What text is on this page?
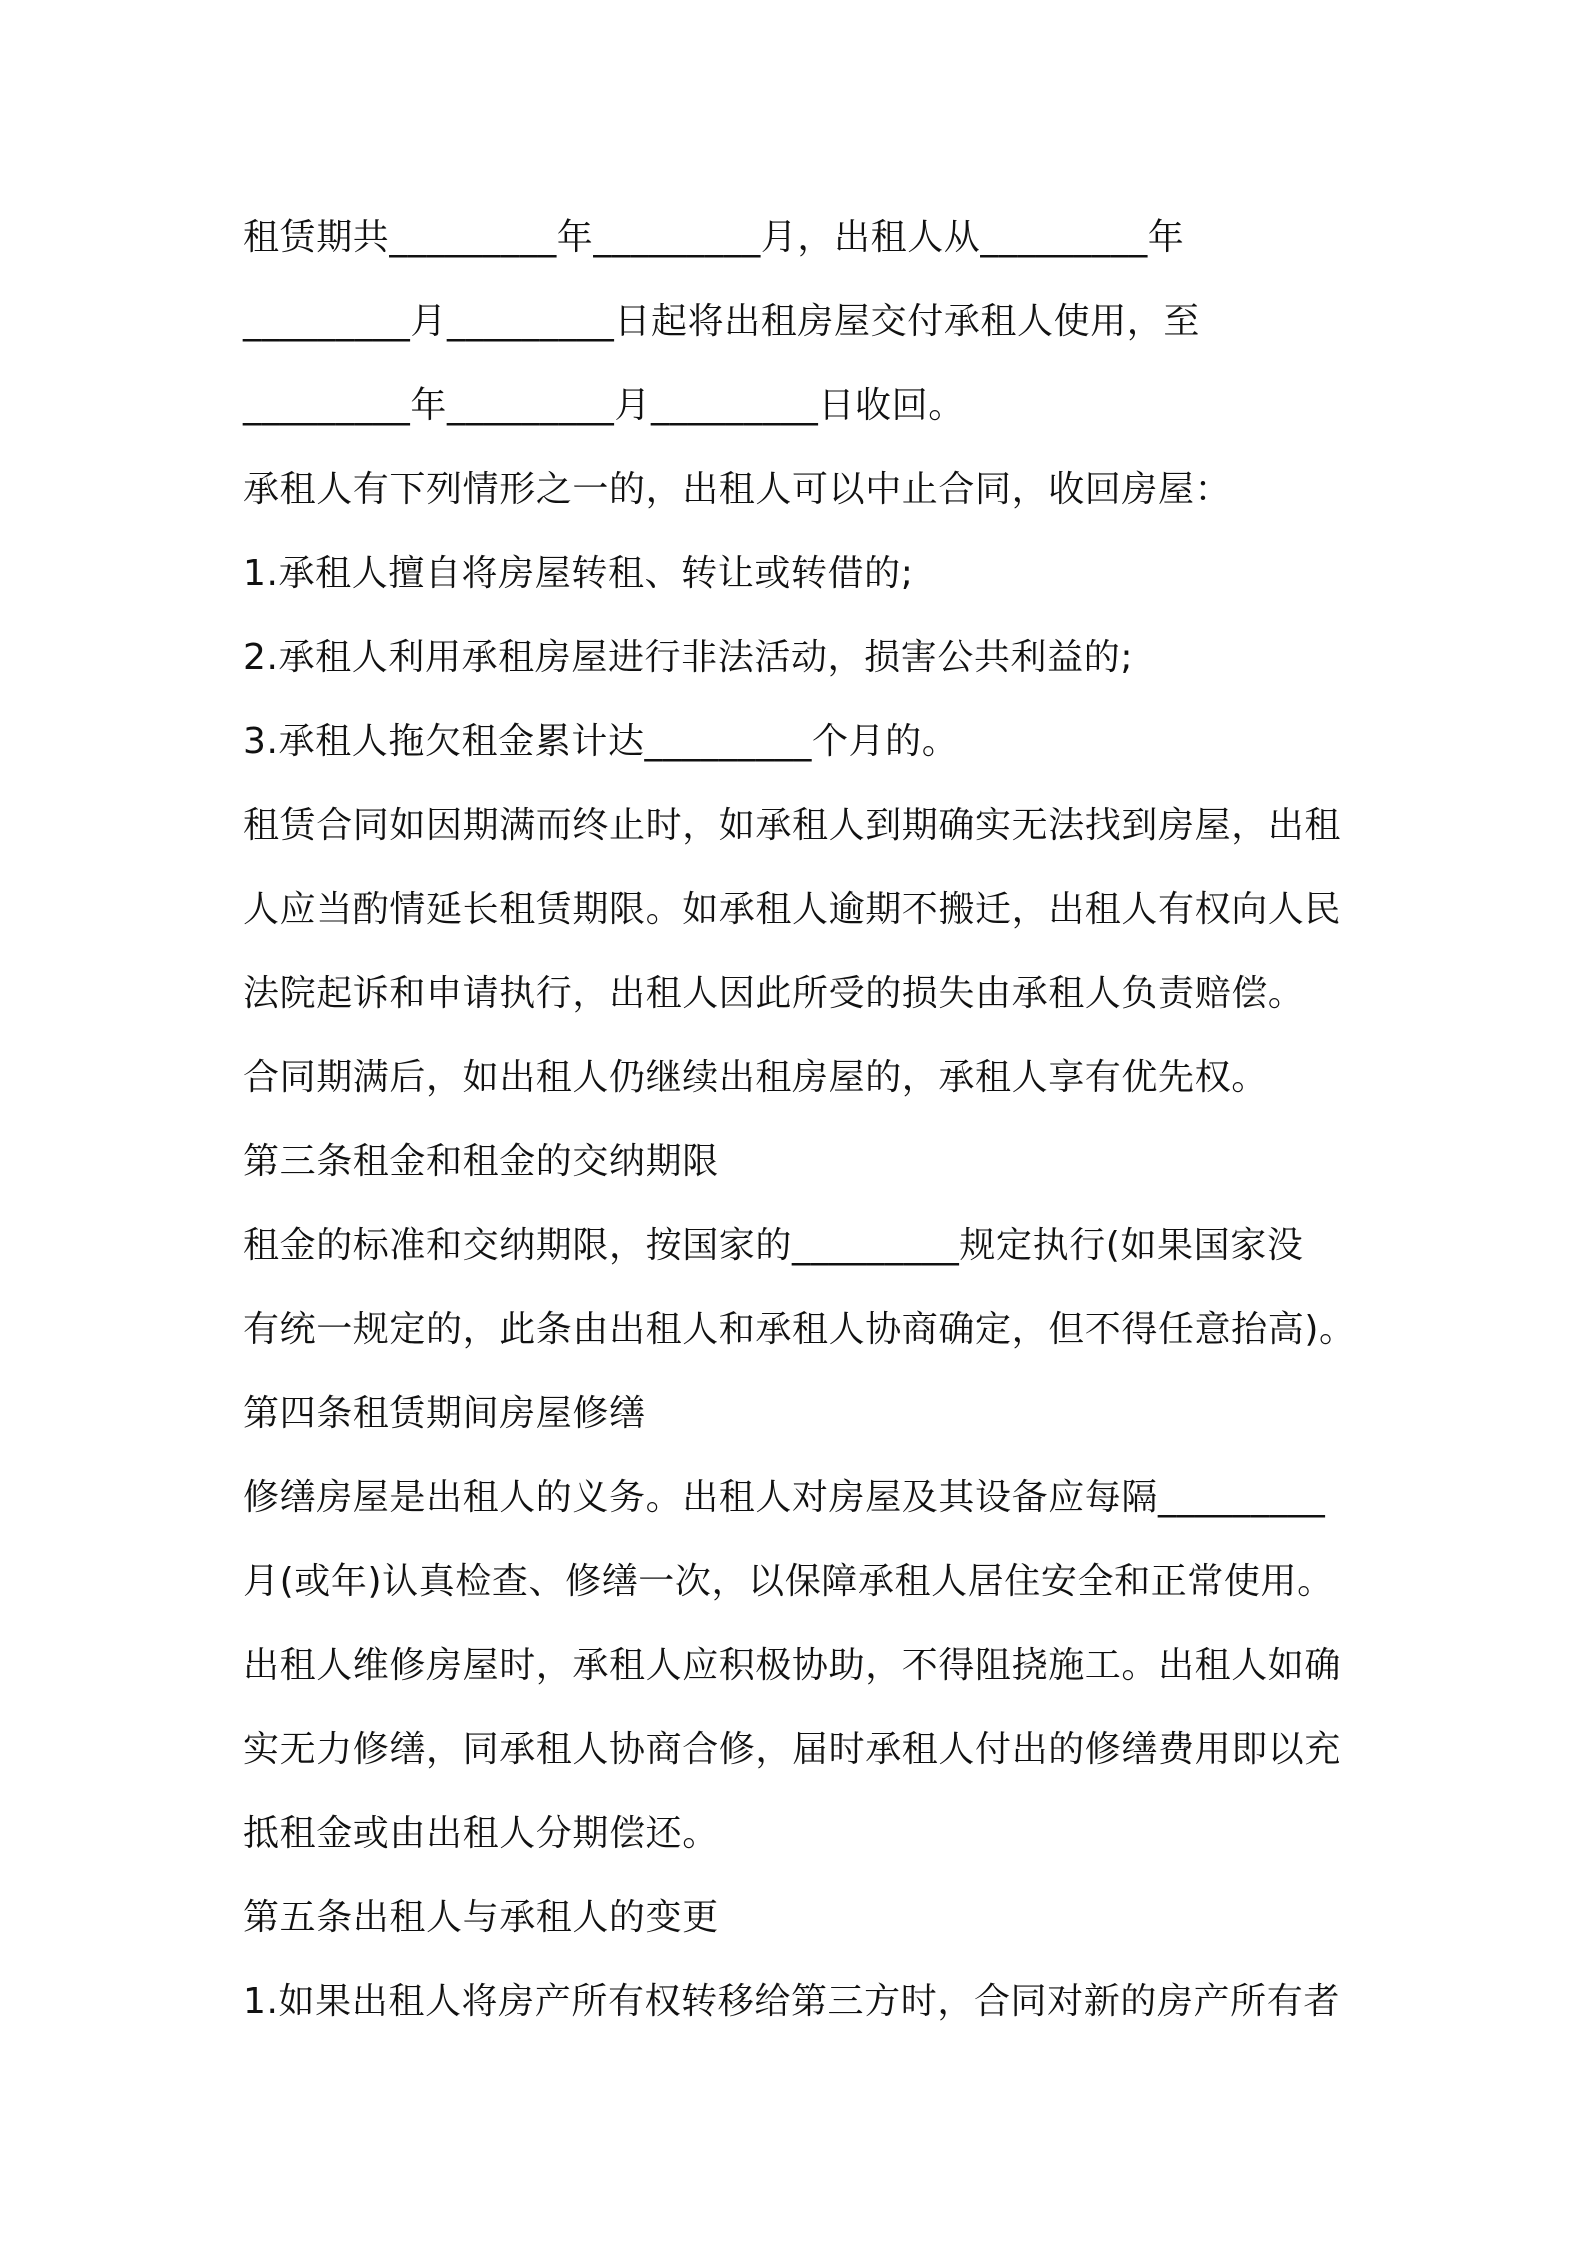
租赁期共_________年_________月，出租人从_________年
_________月_________日起将出租房屋交付承租人使用，至
_________年_________月_________日收回。
承租人有下列情形之一的，出租人可以中止合同，收回房屋：
1.承租人擅自将房屋转租、转让或转借的;
2.承租人利用承租房屋进行非法活动，损害公共利益的;
3.承租人拖欠租金累计达_________个月的。
租赁合同如因期满而终止时，如承租人到期确实无法找到房屋，出租
人应当酌情延长租赁期限。如承租人逾期不搬迁，出租人有权向人民
法院起诉和申请执行，出租人因此所受的损失由承租人负责赔偿。
合同期满后，如出租人仍继续出租房屋的，承租人享有优先权。
第三条租金和租金的交纳期限
租金的标准和交纳期限，按国家的_________规定执行(如果国家没
有统一规定的，此条由出租人和承租人协商确定，但不得任意抬高)。
第四条租赁期间房屋修缮
修缮房屋是出租人的义务。出租人对房屋及其设备应每隔_________
月(或年)认真检查、修缮一次，以保障承租人居住安全和正常使用。
出租人维修房屋时，承租人应积极协助，不得阻挠施工。出租人如确
实无力修缮，同承租人协商合修，届时承租人付出的修缮费用即以充
抵租金或由出租人分期偿还。
第五条出租人与承租人的变更
1.如果出租人将房产所有权转移给第三方时，合同对新的房产所有者
